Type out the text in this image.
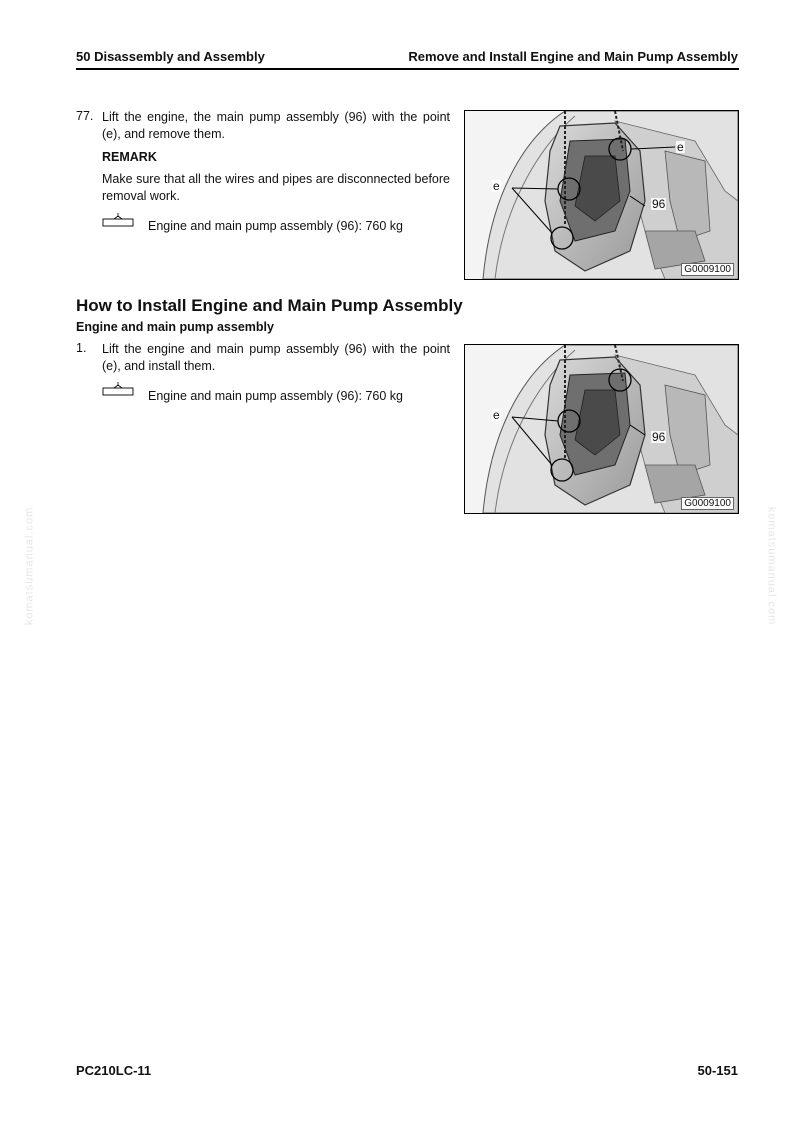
50 Disassembly and Assembly	Remove and Install Engine and Main Pump Assembly
komatsumanual.com	komatsumanual.com
77. Lift the engine, the main pump assembly (96) with the point (e), and remove them.
REMARK
Make sure that all the wires and pipes are disconnected before removal work.
Engine and main pump assembly (96): 760 kg
e
e
96
G0009100
How to Install Engine and Main Pump Assembly
Engine and main pump assembly
1. Lift the engine and main pump assembly (96) with the point (e), and install them.
Engine and main pump assembly (96): 760 kg
e
96
G0009100
PC210LC-11	50-151
